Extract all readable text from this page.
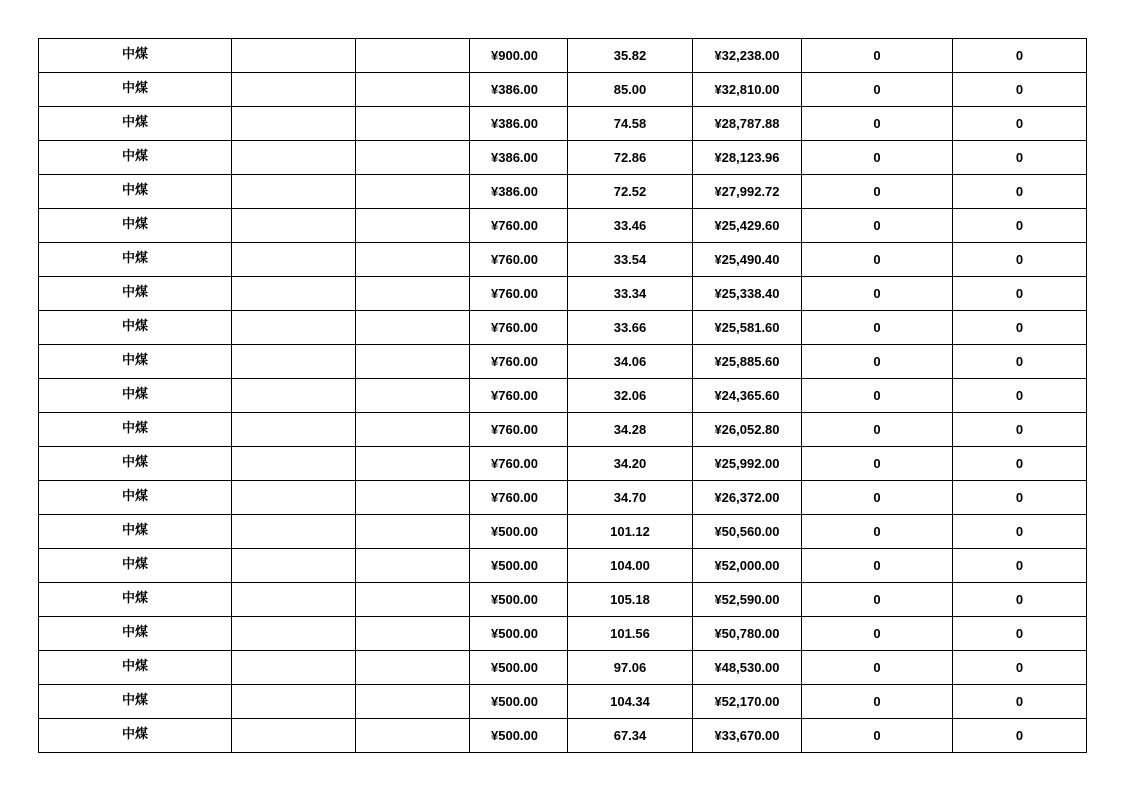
中煤			¥900.00	35.82	¥32,238.00	0	0
中煤			¥386.00	85.00	¥32,810.00	0	0
中煤			¥386.00	74.58	¥28,787.88	0	0
中煤			¥386.00	72.86	¥28,123.96	0	0
中煤			¥386.00	72.52	¥27,992.72	0	0
中煤			¥760.00	33.46	¥25,429.60	0	0
中煤			¥760.00	33.54	¥25,490.40	0	0
中煤			¥760.00	33.34	¥25,338.40	0	0
中煤			¥760.00	33.66	¥25,581.60	0	0
中煤			¥760.00	34.06	¥25,885.60	0	0
中煤			¥760.00	32.06	¥24,365.60	0	0
中煤			¥760.00	34.28	¥26,052.80	0	0
中煤			¥760.00	34.20	¥25,992.00	0	0
中煤			¥760.00	34.70	¥26,372.00	0	0
中煤			¥500.00	101.12	¥50,560.00	0	0
中煤			¥500.00	104.00	¥52,000.00	0	0
中煤			¥500.00	105.18	¥52,590.00	0	0
中煤			¥500.00	101.56	¥50,780.00	0	0
中煤			¥500.00	97.06	¥48,530.00	0	0
中煤			¥500.00	104.34	¥52,170.00	0	0
中煤			¥500.00	67.34	¥33,670.00	0	0
